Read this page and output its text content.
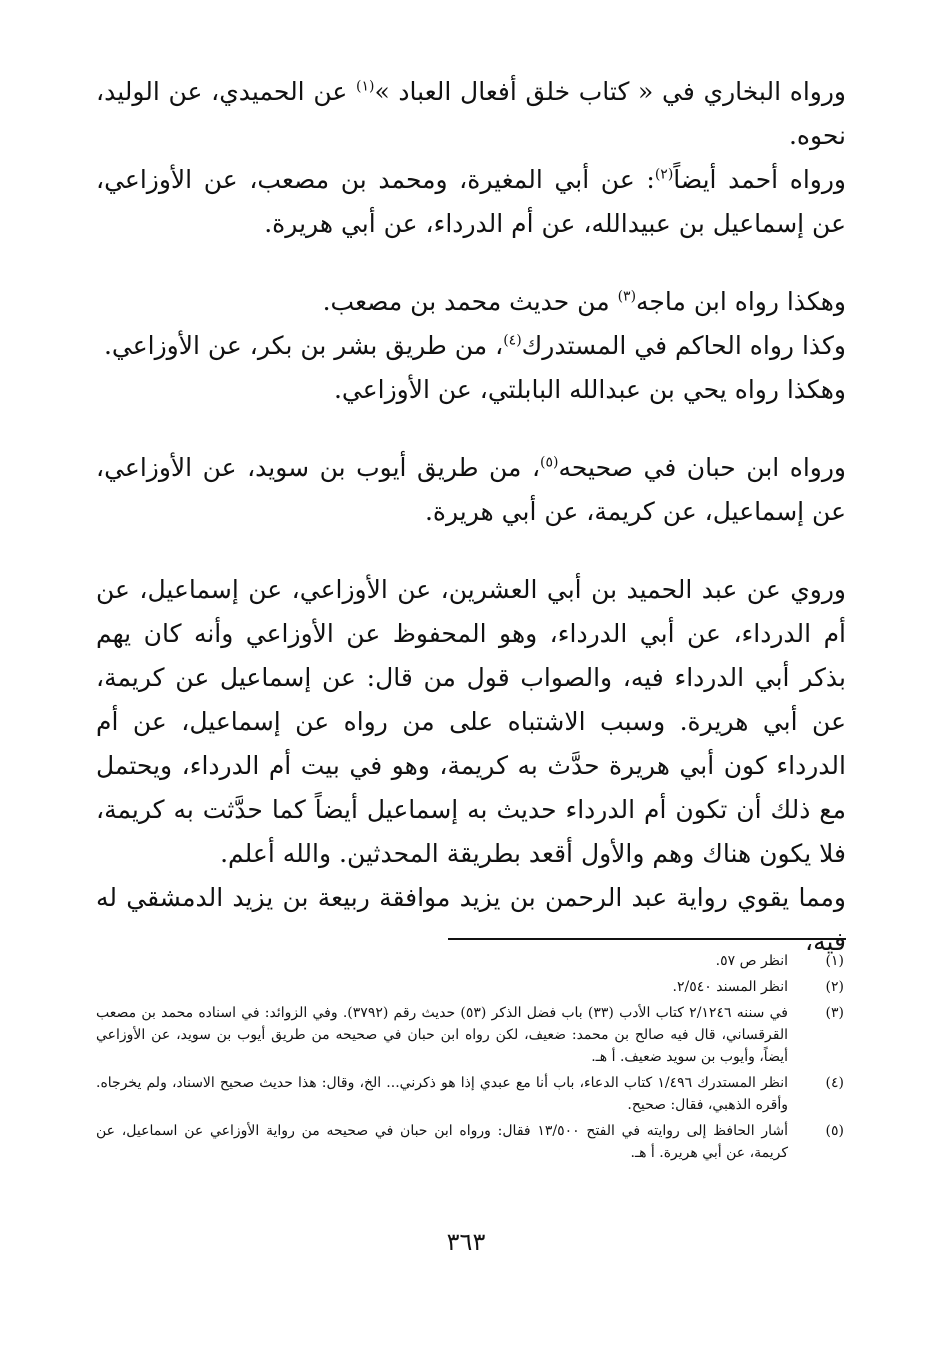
ورواه البخاري في « كتاب خلق أفعال العباد »$^{(١)}$ عن الحميدي، عن الوليد، نحوه.

ورواه أحمد أيضاً$^{(٢)}$: عن أبي المغيرة، ومحمد بن مصعب، عن الأوزاعي، عن إسماعيل بن عبيدالله، عن أم الدرداء، عن أبي هريرة.

وهكذا رواه ابن ماجه$^{(٣)}$ من حديث محمد بن مصعب.
وكذا رواه الحاكم في المستدرك$^{(٤)}$، من طريق بشر بن بكر، عن الأوزاعي.
وهكذا رواه يحي بن عبدالله البابلتي، عن الأوزاعي.

ورواه ابن حبان في صحيحه$^{(٥)}$، من طريق أيوب بن سويد، عن الأوزاعي، عن إسماعيل، عن كريمة، عن أبي هريرة.

وروي عن عبد الحميد بن أبي العشرين، عن الأوزاعي، عن إسماعيل، عن أم الدرداء، عن أبي الدرداء، وهو المحفوظ عن الأوزاعي وأنه كان يهم بذكر أبي الدرداء فيه، والصواب قول من قال: عن إسماعيل عن كريمة، عن أبي هريرة. وسبب الاشتباه على من رواه عن إسماعيل، عن أم الدرداء كون أبي هريرة حدَّث به كريمة، وهو في بيت أم الدرداء، ويحتمل مع ذلك أن تكون أم الدرداء حديث به إسماعيل أيضاً كما حدَّثت به كريمة، فلا يكون هناك وهم والأول أقعد بطريقة المحدثين. والله أعلم.

ومما يقوي رواية عبد الرحمن بن يزيد موافقة ربيعة بن يزيد الدمشقي له فيه،

(١)
انظر ص ٥٧.
(٢)
انظر المسند ٢/٥٤٠.
(٣)
في سننه ٢/١٢٤٦ كتاب الأدب (٣٣) باب فضل الذكر (٥٣) حديث رقم (٣٧٩٢). وفي الزوائد: في اسناده محمد بن مصعب القرقساني، قال فيه صالح بن محمد: ضعيف، لكن رواه ابن حبان في صحيحه من طريق أيوب بن سويد، عن الأوزاعي أيضاً، وأيوب بن سويد ضعيف. أ هـ.
(٤)
انظر المستدرك ١/٤٩٦ كتاب الدعاء، باب أنا مع عبدي إذا هو ذكرني... الخ، وقال: هذا حديث صحيح الاسناد، ولم يخرجاه. وأقره الذهبي، فقال: صحيح.
(٥)
أشار الحافظ إلى روايته في الفتح ١٣/٥٠٠ فقال: ورواه ابن حبان في صحيحه من رواية الأوزاعي عن اسماعيل، عن كريمة، عن أبي هريرة. أ هـ.
٣٦٣
